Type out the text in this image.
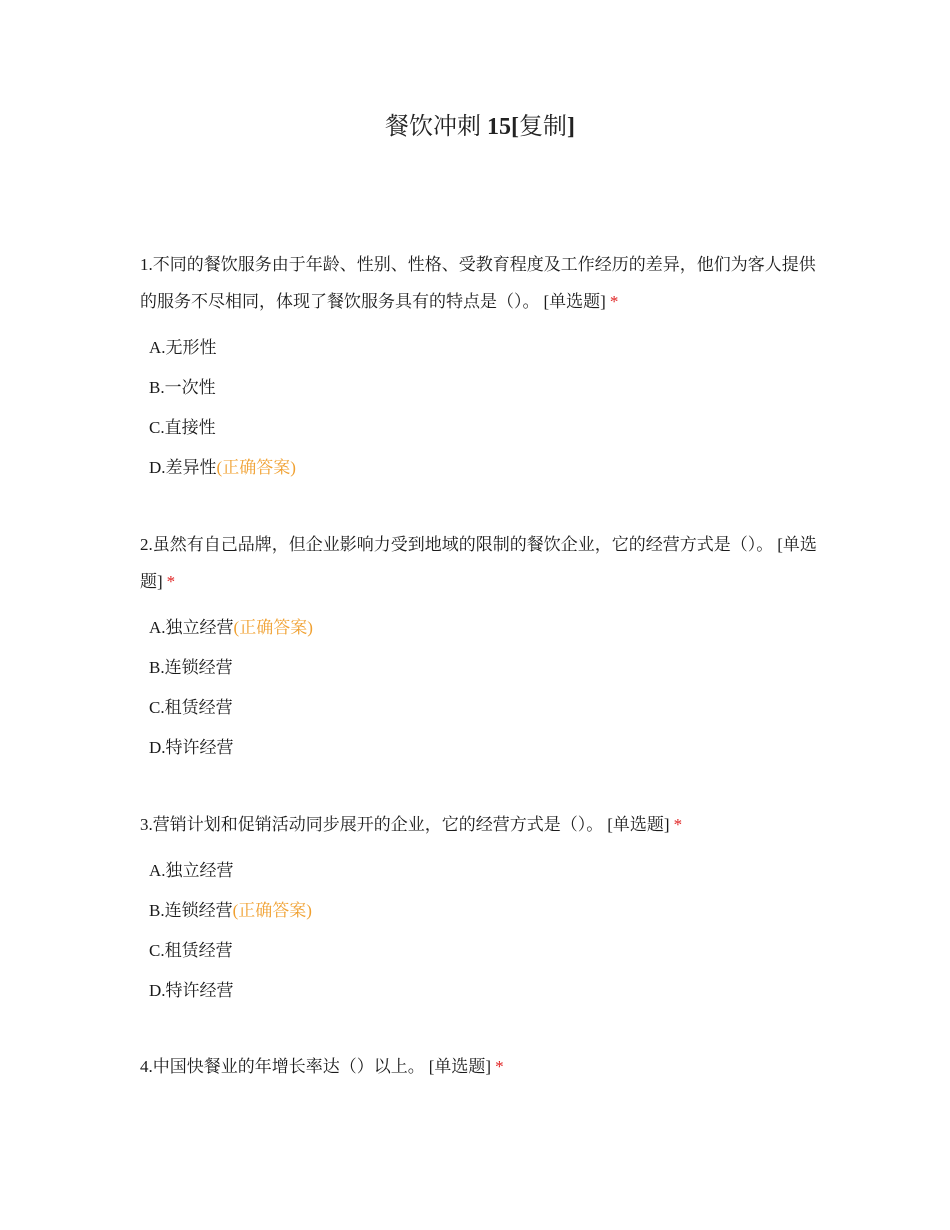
餐饮冲刺 15[复制]

1.不同的餐饮服务由于年龄、性别、性格、受教育程度及工作经历的差异，他们为客人提供的服务不尽相同，体现了餐饮服务具有的特点是（）。 [单选题] *

A.无形性
B.一次性
C.直接性
D.差异性(正确答案)

2.虽然有自己品牌，但企业影响力受到地域的限制的餐饮企业，它的经营方式是（）。 [单选题] *

A.独立经营(正确答案)
B.连锁经营
C.租赁经营
D.特许经营

3.营销计划和促销活动同步展开的企业，它的经营方式是（）。 [单选题] *

A.独立经营
B.连锁经营(正确答案)
C.租赁经营
D.特许经营

4.中国快餐业的年增长率达（）以上。 [单选题] *
